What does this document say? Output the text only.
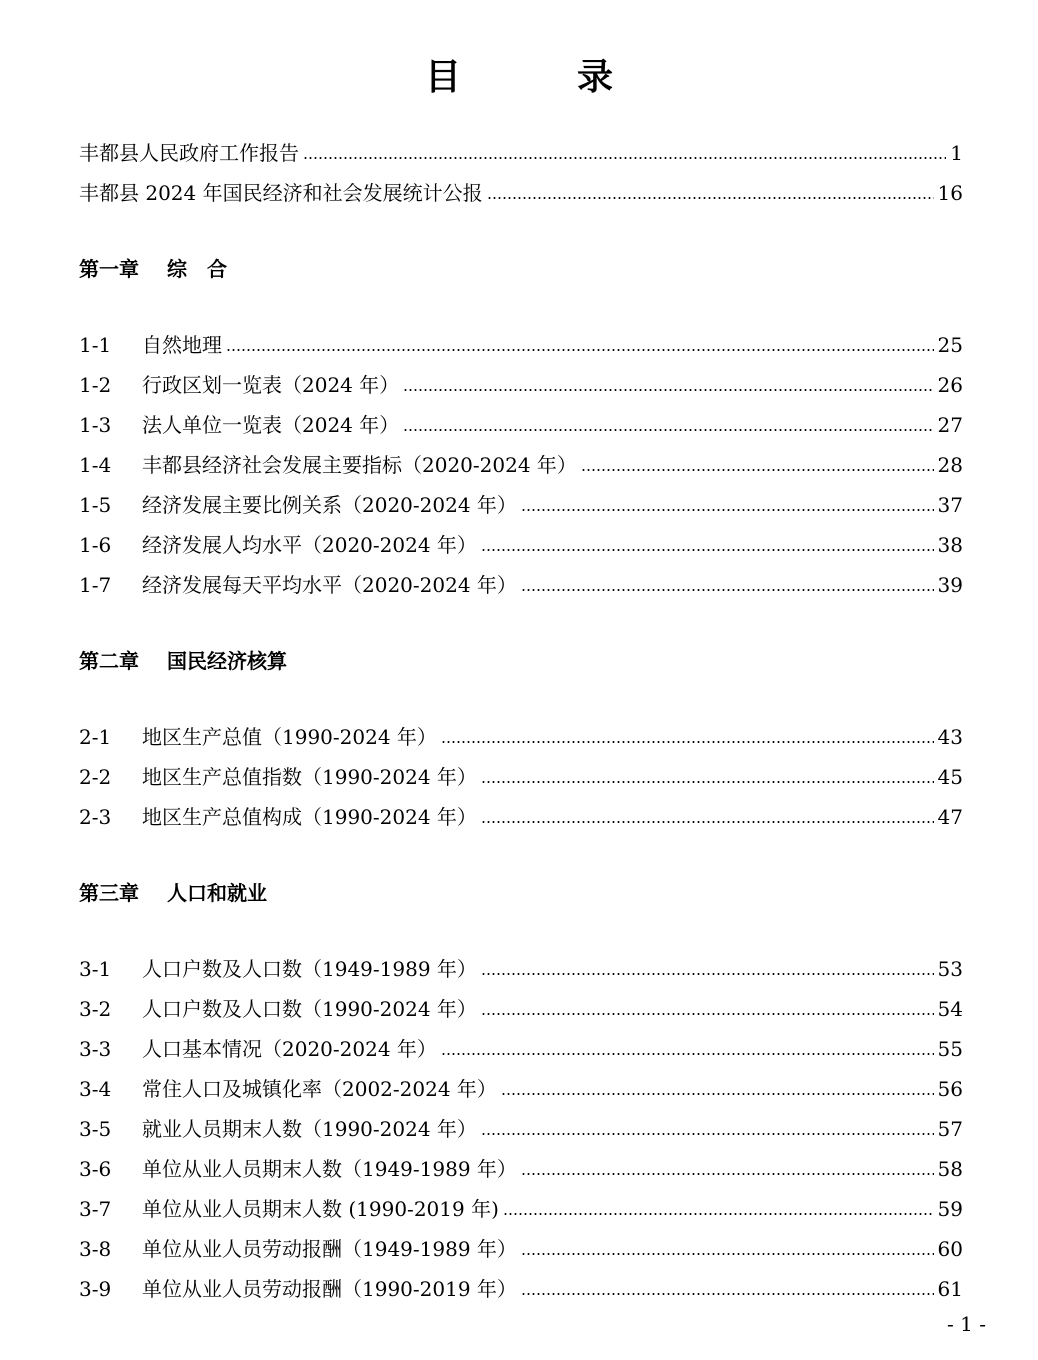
目　录
丰都县人民政府工作报告	1
丰都县 2024 年国民经济和社会发展统计公报	16
第一章 综　合
1-1	自然地理	25
1-2	行政区划一览表（2024 年）	26
1-3	法人单位一览表（2024 年）	27
1-4	丰都县经济社会发展主要指标（2020-2024 年）	28
1-5	经济发展主要比例关系（2020-2024 年）	37
1-6	经济发展人均水平（2020-2024 年）	38
1-7	经济发展每天平均水平（2020-2024 年）	39
第二章 国民经济核算
2-1	地区生产总值（1990-2024 年）	43
2-2	地区生产总值指数（1990-2024 年）	45
2-3	地区生产总值构成（1990-2024 年）	47
第三章 人口和就业
3-1	人口户数及人口数（1949-1989 年）	53
3-2	人口户数及人口数（1990-2024 年）	54
3-3	人口基本情况（2020-2024 年）	55
3-4	常住人口及城镇化率（2002-2024 年）	56
3-5	就业人员期末人数（1990-2024 年）	57
3-6	单位从业人员期末人数（1949-1989 年）	58
3-7	单位从业人员期末人数 (1990-2019 年)	59
3-8	单位从业人员劳动报酬（1949-1989 年）	60
3-9	单位从业人员劳动报酬（1990-2019 年）	61
- 1 -
